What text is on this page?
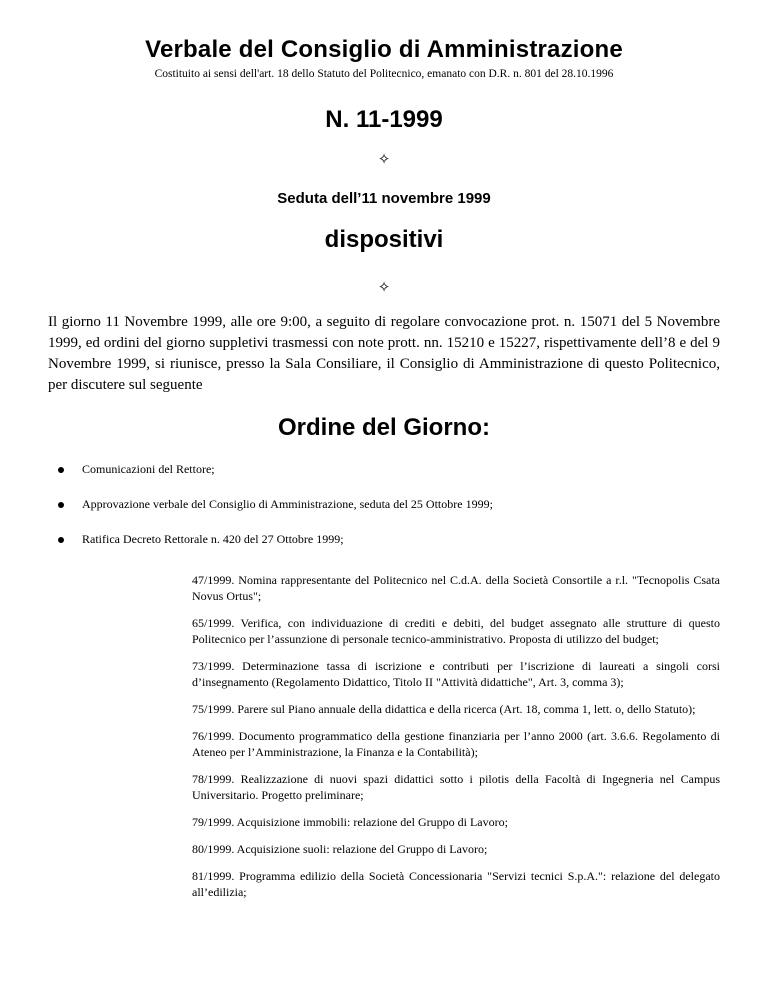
Verbale del Consiglio di Amministrazione
Costituito ai sensi dell'art. 18 dello Statuto del Politecnico, emanato con D.R. n. 801 del 28.10.1996
N. 11-1999
✧
Seduta dell’11 novembre 1999
dispositivi
✧
Il giorno 11 Novembre 1999, alle ore 9:00, a seguito di regolare convocazione prot. n. 15071 del 5 Novembre 1999, ed ordini del giorno suppletivi trasmessi con note prott. nn. 15210 e 15227, rispettivamente dell’8 e del 9 Novembre 1999, si riunisce, presso la Sala Consiliare, il Consiglio di Amministrazione di questo Politecnico, per discutere sul seguente
Ordine del Giorno:
Comunicazioni del Rettore;
Approvazione verbale del Consiglio di Amministrazione, seduta del 25 Ottobre 1999;
Ratifica Decreto Rettorale n. 420 del 27 Ottobre 1999;

47/1999. Nomina rappresentante del Politecnico nel C.d.A. della Società Consortile a r.l. "Tecnopolis Csata Novus Ortus";

65/1999. Verifica, con individuazione di crediti e debiti, del budget assegnato alle strutture di questo Politecnico per l’assunzione di personale tecnico-amministrativo. Proposta di utilizzo del budget;

73/1999. Determinazione tassa di iscrizione e contributi per l’iscrizione di laureati a singoli corsi d’insegnamento (Regolamento Didattico, Titolo II "Attività didattiche", Art. 3, comma 3);

75/1999. Parere sul Piano annuale della didattica e della ricerca (Art. 18, comma 1, lett. o, dello Statuto);

76/1999. Documento programmatico della gestione finanziaria per l’anno 2000 (art. 3.6.6. Regolamento di Ateneo per l’Amministrazione, la Finanza e la Contabilità);

78/1999. Realizzazione di nuovi spazi didattici sotto i pilotis della Facoltà di Ingegneria nel Campus Universitario. Progetto preliminare;

79/1999. Acquisizione immobili: relazione del Gruppo di Lavoro;

80/1999. Acquisizione suoli: relazione del Gruppo di Lavoro;

81/1999. Programma edilizio della Società Concessionaria "Servizi tecnici S.p.A.": relazione del delegato all’edilizia;
